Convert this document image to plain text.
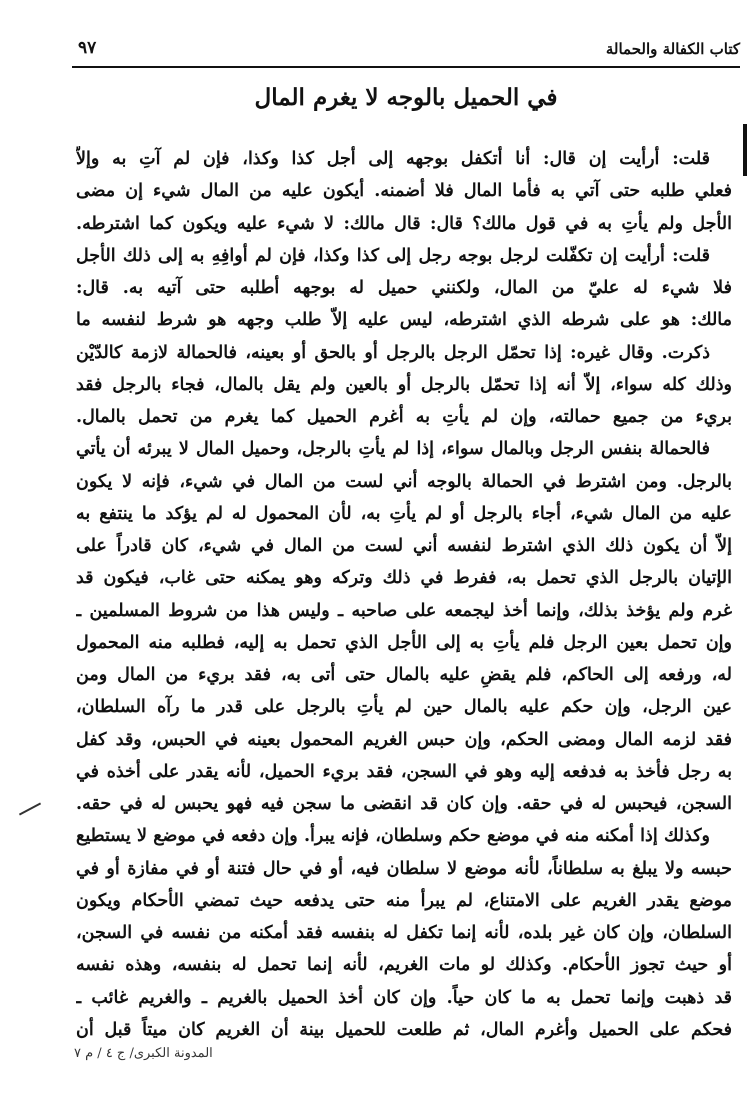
كتاب الكفالة والحمالة
٩٧
في الحميل بالوجه لا يغرم المال
قلت: أرأيت إن قال: أنا أتكفل بوجهه إلى أجل كذا وكذا، فإن لم آتِ به وإلاّ
فعلي طلبه حتى آتي به فأما المال فلا أضمنه. أيكون عليه من المال شيء إن مضى
الأجل ولم يأتِ به في قول مالك؟ قال: قال مالك: لا شيء عليه ويكون كما اشترطه.
قلت: أرأيت إن تكفّلت لرجل بوجه رجل إلى كذا وكذا، فإن لم أوافِهِ به إلى ذلك الأجل
فلا شيء له عليّ من المال، ولكنني حميل له بوجهه أطلبه حتى آتيه به. قال:
مالك: هو على شرطه الذي اشترطه، ليس عليه إلاّ طلب وجهه هو شرط لنفسه ما
ذكرت. وقال غيره: إذا تحمّل الرجل بالرجل أو بالحق أو بعينه، فالحمالة لازمة كالدّيْن
وذلك كله سواء، إلاّ أنه إذا تحمّل بالرجل أو بالعين ولم يقل بالمال، فجاء بالرجل فقد
بريء من جميع حمالته، وإن لم يأتِ به أغرم الحميل كما يغرم من تحمل بالمال.
فالحمالة بنفس الرجل وبالمال سواء، إذا لم يأتِ بالرجل، وحميل المال لا يبرئه أن يأتي
بالرجل. ومن اشترط في الحمالة بالوجه أني لست من المال في شيء، فإنه لا يكون
عليه من المال شيء، أجاء بالرجل أو لم يأتِ به، لأن المحمول له لم يؤكد ما ينتفع به
إلاّ أن يكون ذلك الذي اشترط لنفسه أني لست من المال في شيء، كان قادراً على
الإتيان بالرجل الذي تحمل به، ففرط في ذلك وتركه وهو يمكنه حتى غاب، فيكون قد
غرم ولم يؤخذ بذلك، وإنما أخذ ليجمعه على صاحبه ـ وليس هذا من شروط المسلمين ـ
وإن تحمل بعين الرجل فلم يأتِ به إلى الأجل الذي تحمل به إليه، فطلبه منه المحمول
له، ورفعه إلى الحاكم، فلم يقضِ عليه بالمال حتى أتى به، فقد بريء من المال ومن
عين الرجل، وإن حكم عليه بالمال حين لم يأتِ بالرجل على قدر ما رآه السلطان،
فقد لزمه المال ومضى الحكم، وإن حبس الغريم المحمول بعينه في الحبس، وقد كفل
به رجل فأخذ به فدفعه إليه وهو في السجن، فقد بريء الحميل، لأنه يقدر على أخذه في
السجن، فيحبس له في حقه. وإن كان قد انقضى ما سجن فيه فهو يحبس له في حقه.
وكذلك إذا أمكنه منه في موضع حكم وسلطان، فإنه يبرأ. وإن دفعه في موضع لا يستطيع
حبسه ولا يبلغ به سلطاناً، لأنه موضع لا سلطان فيه، أو في حال فتنة أو في مفازة أو في
موضع يقدر الغريم على الامتناع، لم يبرأ منه حتى يدفعه حيث تمضي الأحكام ويكون
السلطان، وإن كان غير بلده، لأنه إنما تكفل له بنفسه فقد أمكنه من نفسه في السجن،
أو حيث تجوز الأحكام. وكذلك لو مات الغريم، لأنه إنما تحمل له بنفسه، وهذه نفسه
قد ذهبت وإنما تحمل به ما كان حياً. وإن كان أخذ الحميل بالغريم ـ والغريم غائب ـ
فحكم على الحميل وأغرم المال، ثم طلعت للحميل بينة أن الغريم كان ميتاً قبل أن
المدونة الكبرى/ ج ٤ / م ٧
